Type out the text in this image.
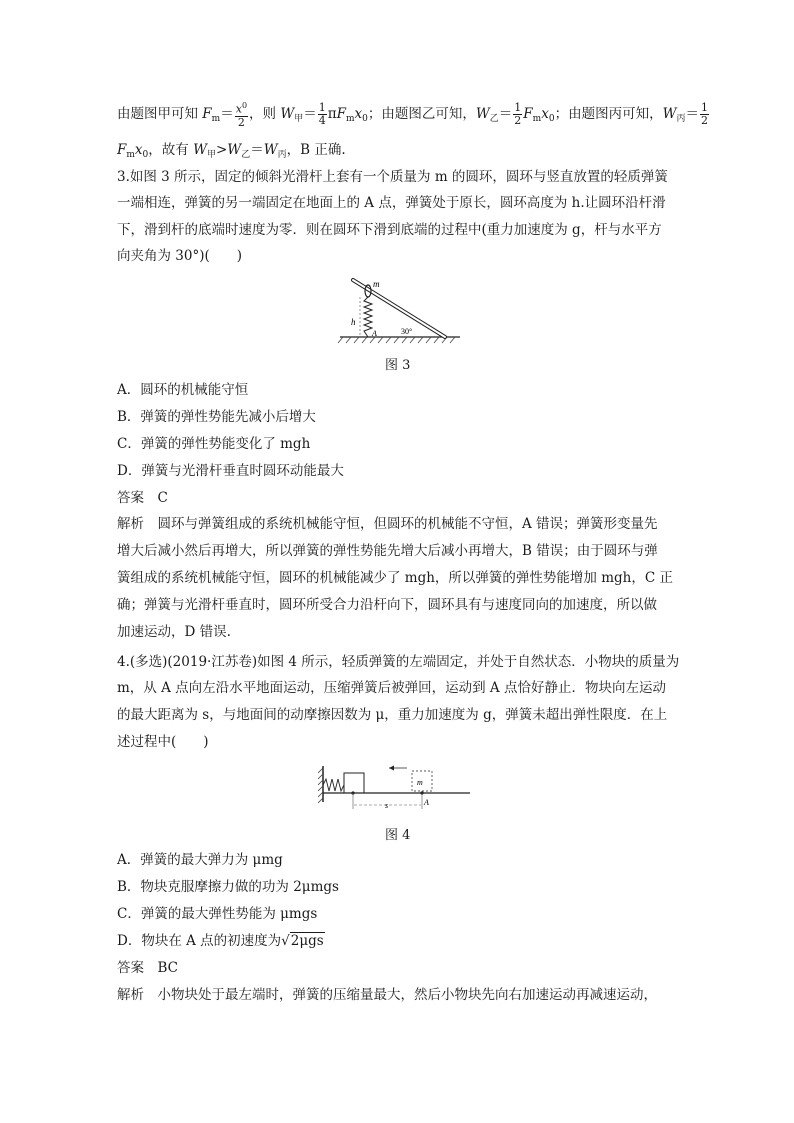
由题图甲可知 $F_m= \frac{x^0}{2}$ ，则 $W_甲= \frac{1}{4} \pi F_mx_0$；由题图乙可知，$W_乙= \frac{1}{2} F_mx_0$；由题图丙可知，$W_丙= \frac{1}{2}$
$F_mx_0$，故有 $W_甲>W_乙=W_丙$，B 正确.
3.如图 3 所示，固定的倾斜光滑杆上套有一个质量为 m 的圆环，圆环与竖直放置的轻质弹簧
一端相连，弹簧的另一端固定在地面上的 A 点，弹簧处于原长，圆环高度为 h.让圆环沿杆滑
下，滑到杆的底端时速度为零．则在圆环下滑到底端的过程中(重力加速度为 g，杆与水平方
向夹角为 30°)(　　)
m
h
A	30°
图 3
A．圆环的机械能守恒
B．弹簧的弹性势能先减小后增大
C．弹簧的弹性势能变化了 mgh
D．弹簧与光滑杆垂直时圆环动能最大
答案　C
解析　圆环与弹簧组成的系统机械能守恒，但圆环的机械能不守恒，A 错误；弹簧形变量先
增大后减小然后再增大，所以弹簧的弹性势能先增大后减小再增大，B 错误；由于圆环与弹
簧组成的系统机械能守恒，圆环的机械能减少了 mgh，所以弹簧的弹性势能增加 mgh，C 正
确；弹簧与光滑杆垂直时，圆环所受合力沿杆向下，圆环具有与速度同向的加速度，所以做
加速运动，D 错误.
4.(多选)(2019·江苏卷)如图 4 所示，轻质弹簧的左端固定，并处于自然状态．小物块的质量为
m，从 A 点向左沿水平地面运动，压缩弹簧后被弹回，运动到 A 点恰好静止．物块向左运动
的最大距离为 s，与地面间的动摩擦因数为 μ，重力加速度为 g，弹簧未超出弹性限度．在上
述过程中(　　)
m
s	A
图 4
A．弹簧的最大弹力为 μmg
B．物块克服摩擦力做的功为 2μmgs
C．弹簧的最大弹性势能为 μmgs
D．物块在 A 点的初速度为√2μgs
答案　BC
解析　小物块处于最左端时，弹簧的压缩量最大，然后小物块先向右加速运动再减速运动，
